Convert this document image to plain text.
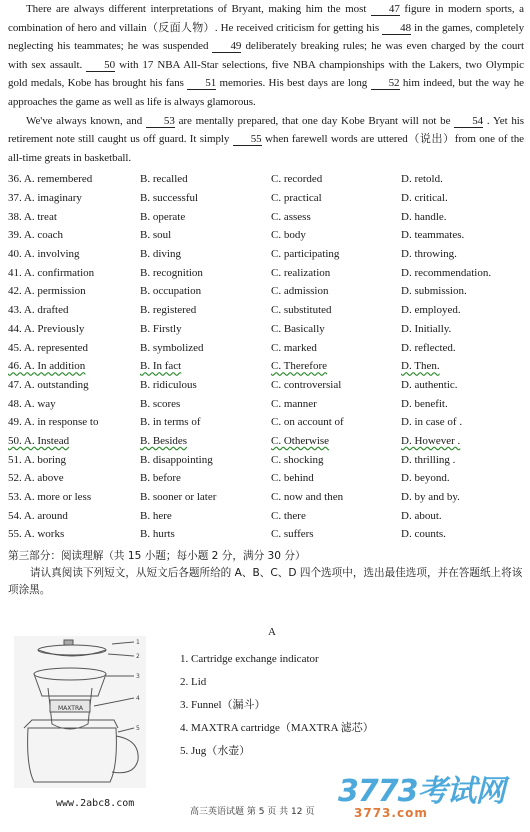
There are always different interpretations of Bryant, making him the most 47 figure in modern sports, a combination of hero and villain（反面人物）. He received criticism for getting his 48 in the games, completely neglecting his teammates; he was suspended 49 deliberately breaking rules; he was even charged by the court with sex assault. 50 with 17 NBA All-Star selections, five NBA championships with the Lakers, two Olympic gold medals, Kobe has brought his fans 51 memories. His best days are long 52 him indeed, but the way he approaches the game as well as life is always glamorous.

We've always known, and 53 are mentally prepared, that one day Kobe Bryant will not be 54 . Yet his retirement note still caught us off guard. It simply 55 when farewell words are uttered（说出）from one of the all-time greats in basketball.

36. A. remembered	B. recalled	C. recorded	D. retold.
37. A. imaginary	B. successful	C. practical	D. critical.
38. A. treat	B. operate	C. assess	D. handle.
39. A. coach	B. soul	C. body	D. teammates.
40. A. involving	B. diving	C. participating	D. throwing.
41. A. confirmation	B. recognition	C. realization	D. recommendation.
42. A. permission	B. occupation	C. admission	D. submission.
43. A. drafted	B. registered	C. substituted	D. employed.
44. A. Previously	B. Firstly	C. Basically	D. Initially.
45. A. represented	B. symbolized	C. marked	D. reflected.
46. A. In addition	B. In fact	C. Therefore	D. Then.
47. A. outstanding	B. ridiculous	C. controversial	D. authentic.
48. A. way	B. scores	C. manner	D. benefit.
49. A. in response to	B. in terms of	C. on account of	D. in case of .
50. A. Instead	B. Besides	C. Otherwise	D. However .
51. A. boring	B. disappointing	C. shocking	D. thrilling .
52. A. above	B. before	C. behind	D. beyond.
53. A. more or less	B. sooner or later	C. now and then	D. by and by.
54. A. around	B. here	C. there	D. about.
55. A. works	B. hurts	C. suffers	D. counts.
第三部分：阅读理解（共 15 小题；每小题 2 分，满分 30 分）

请认真阅读下列短文，从短文后各题所给的 A、B、C、D 四个选项中，选出最佳选项，并在答题纸上将该项涂黑。

A
MAXTRA
1
2
3
4
5
1. Cartridge exchange indicator
2. Lid
3. Funnel（漏斗）
4. MAXTRA cartridge（MAXTRA 滤芯）
5. Jug（水壶）
www.2abc8.com
高三英语试题 第 5 页 共 12 页
3773考试网
3773.com
